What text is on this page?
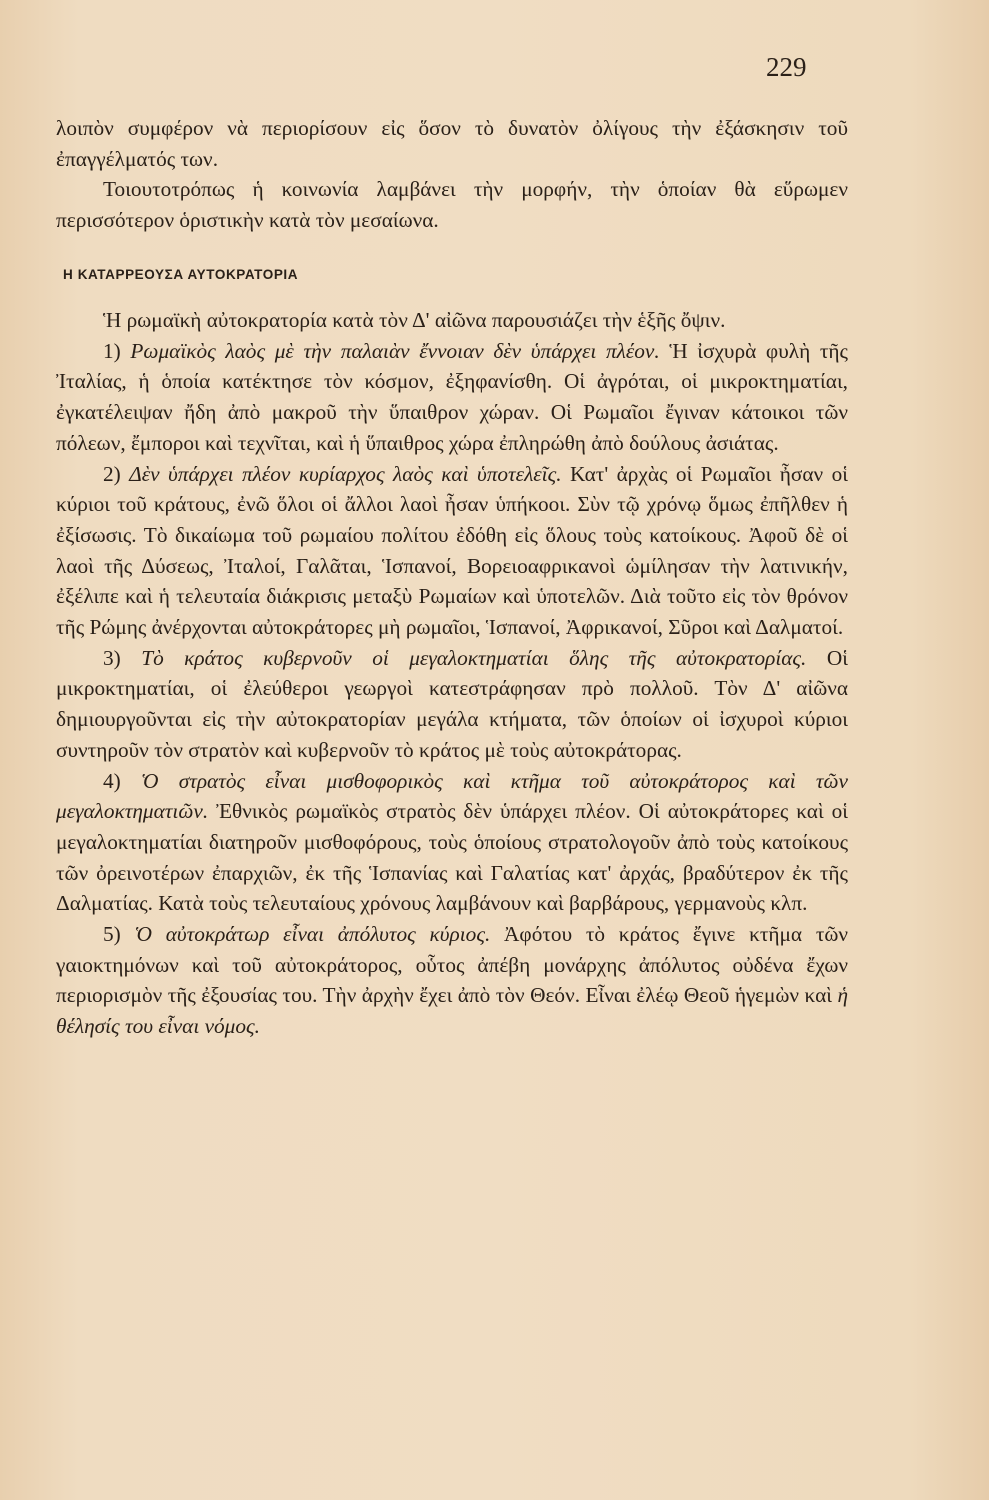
229

λοιπὸν συμφέρον νὰ περιορίσουν εἰς ὅσον τὸ δυνατὸν ὀλίγους τὴν ἐξάσκησιν τοῦ ἐπαγγέλματός των.

Τοιουτοτρόπως ἡ κοινωνία λαμβάνει τὴν μορφήν, τὴν ὁποίαν θὰ εὕρωμεν περισσότερον ὁριστικὴν κατὰ τὸν μεσαίωνα.

Η ΚΑΤΑΡΡΕΟΥΣΑ ΑΥΤΟΚΡΑΤΟΡΙΑ

Ἡ ρωμαϊκὴ αὐτοκρατορία κατὰ τὸν Δ' αἰῶνα παρουσιάζει τὴν ἑξῆς ὄψιν.

1) Ρωμαϊκὸς λαὸς μὲ τὴν παλαιὰν ἔννοιαν δὲν ὑπάρχει πλέον. Ἡ ἰσχυρὰ φυλὴ τῆς Ἰταλίας, ἡ ὁποία κατέκτησε τὸν κόσμον, ἐξηφανίσθη. Οἱ ἀγρόται, οἱ μικροκτηματίαι, ἐγκατέλειψαν ἤδη ἀπὸ μακροῦ τὴν ὕπαιθρον χώραν. Οἱ Ρωμαῖοι ἔγιναν κάτοικοι τῶν πόλεων, ἔμποροι καὶ τεχνῖται, καὶ ἡ ὕπαιθρος χώρα ἐπληρώθη ἀπὸ δούλους ἀσιάτας.

2) Δὲν ὑπάρχει πλέον κυρίαρχος λαὸς καὶ ὑποτελεῖς. Κατ' ἀρχὰς οἱ Ρωμαῖοι ἦσαν οἱ κύριοι τοῦ κράτους, ἐνῶ ὅλοι οἱ ἄλλοι λαοὶ ἦσαν ὑπήκοοι. Σὺν τῷ χρόνῳ ὅμως ἐπῆλθεν ἡ ἐξίσωσις. Τὸ δικαίωμα τοῦ ρωμαίου πολίτου ἐδόθη εἰς ὅλους τοὺς κατοίκους. Ἀφοῦ δὲ οἱ λαοὶ τῆς Δύσεως, Ἰταλοί, Γαλᾶται, Ἱσπανοί, Βορειοαφρικανοὶ ὡμίλησαν τὴν λατινικήν, ἐξέλιπε καὶ ἡ τελευταία διάκρισις μεταξὺ Ρωμαίων καὶ ὑποτελῶν. Διὰ τοῦτο εἰς τὸν θρόνον τῆς Ρώμης ἀνέρχονται αὐτοκράτορες μὴ ρωμαῖοι, Ἱσπανοί, Ἀφρικανοί, Σῦροι καὶ Δαλματοί.

3) Τὸ κράτος κυβερνοῦν οἱ μεγαλοκτηματίαι ὅλης τῆς αὐτοκρατορίας. Οἱ μικροκτηματίαι, οἱ ἐλεύθεροι γεωργοὶ κατεστράφησαν πρὸ πολλοῦ. Τὸν Δ' αἰῶνα δημιουργοῦνται εἰς τὴν αὐτοκρατορίαν μεγάλα κτήματα, τῶν ὁποίων οἱ ἰσχυροὶ κύριοι συντηροῦν τὸν στρατὸν καὶ κυβερνοῦν τὸ κράτος μὲ τοὺς αὐτοκράτορας.

4) Ὁ στρατὸς εἶναι μισθοφορικὸς καὶ κτῆμα τοῦ αὐτοκράτορος καὶ τῶν μεγαλοκτηματιῶν. Ἐθνικὸς ρωμαϊκὸς στρατὸς δὲν ὑπάρχει πλέον. Οἱ αὐτοκράτορες καὶ οἱ μεγαλοκτηματίαι διατηροῦν μισθοφόρους, τοὺς ὁποίους στρατολογοῦν ἀπὸ τοὺς κατοίκους τῶν ὀρεινοτέρων ἐπαρχιῶν, ἐκ τῆς Ἱσπανίας καὶ Γαλατίας κατ' ἀρχάς, βραδύτερον ἐκ τῆς Δαλματίας. Κατὰ τοὺς τελευταίους χρόνους λαμβάνουν καὶ βαρβάρους, γερμανοὺς κλπ.

5) Ὁ αὐτοκράτωρ εἶναι ἀπόλυτος κύριος. Ἀφότου τὸ κράτος ἔγινε κτῆμα τῶν γαιοκτημόνων καὶ τοῦ αὐτοκράτορος, οὗτος ἀπέβη μονάρχης ἀπόλυτος οὐδένα ἔχων περιορισμὸν τῆς ἐξουσίας του. Τὴν ἀρχὴν ἔχει ἀπὸ τὸν Θεόν. Εἶναι ἐλέῳ Θεοῦ ἡγεμὼν καὶ ἡ θέλησίς του εἶναι νόμος.
